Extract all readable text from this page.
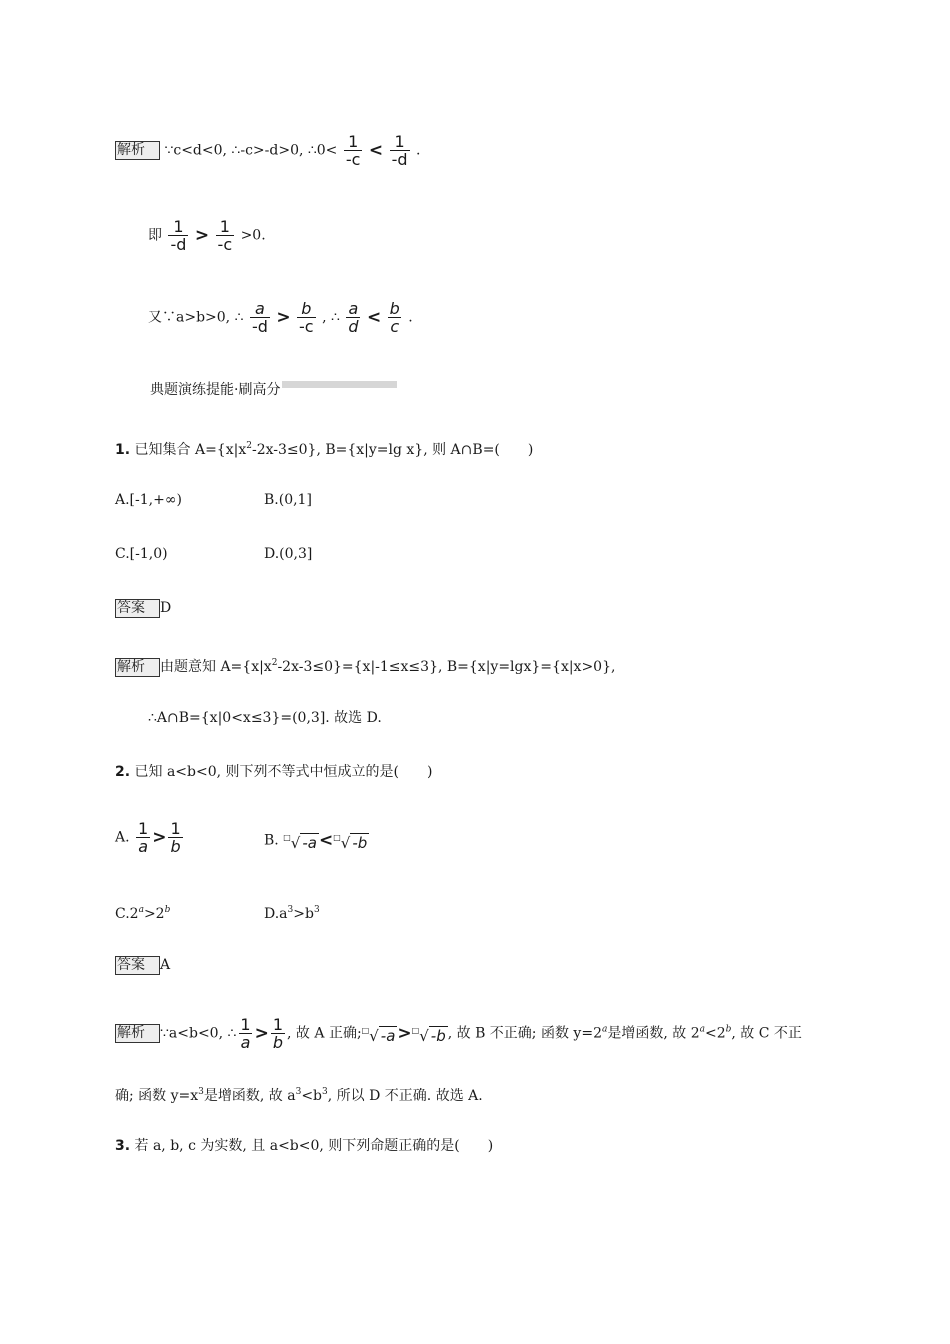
解析 ∵c<d<0, ∴-c>-d>0, ∴0< $\frac{1}{-c} < \frac{1}{-d}$ .
即 $\frac{1}{-d} > \frac{1}{-c} >0$.
又∵a>b>0, ∴ $\frac{a}{-d} > \frac{b}{-c}$ , ∴ $\frac{a}{d} < \frac{b}{c}$ .
典题演练提能·刷高分
1. 已知集合 $A=\{x|x^2-2x-3\le 0\}$, B={x|y=lg x}, 则 A∩B=(　　)
A.[-1,+∞)	B.(0,1]
C.[-1,0)	D.(0,3]
答案 D
解析 由题意知 $A=\{x|x^2-2x-3\le 0\}=\{x|-1\le x\le 3\}$, B={x|y=lgx}={x|x>0},
∴A∩B={x|0<x≤3}=(0,3]. 故选 D.
2. 已知 a<b<0, 则下列不等式中恒成立的是(　　)
A. $\frac{1}{a} > \frac{1}{b}$	B. □√ -a <□√ -b
$C.2^a>2^b$	$D.a^3>b^3$
答案 A
解析 ∵a<b<0, ∴ $\frac{1}{a} > \frac{1}{b}$ , 故 A 正确;□√ -a >□√ -b , 故 B 不正确; 函数 $y=2^a$是增函数, 故 $2^a<2^b$, 故 C 不正
确; 函数 $y=x^3$是增函数, 故 $a^3<b^3$, 所以 D 不正确. 故选 A.
3. 若 a, b, c 为实数, 且 a<b<0, 则下列命题正确的是(　　)
